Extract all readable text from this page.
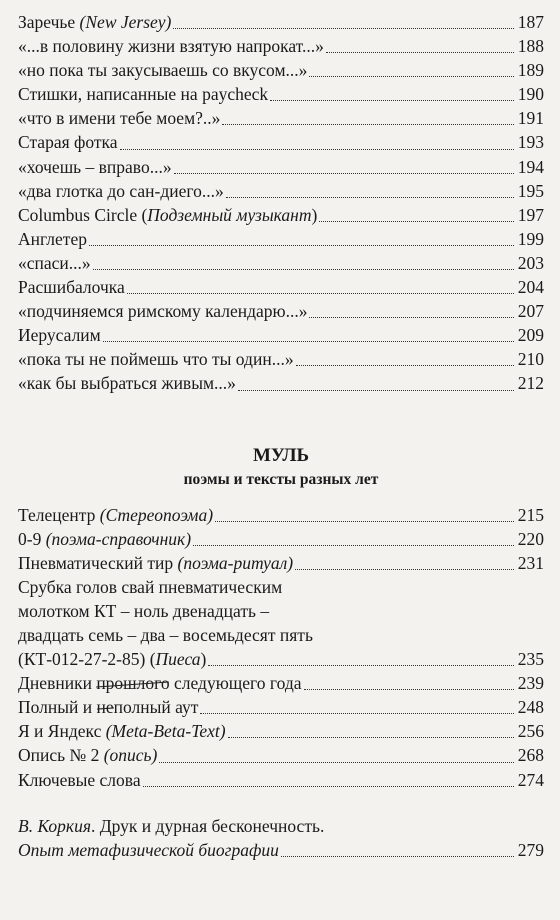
Заречье (New Jersey)	187
«...в половину жизни взятую напрокат...»	188
«но пока ты закусываешь со вкусом...»	189
Стишки, написанные на paycheck	190
«что в имени тебе моем?..»	191
Старая фотка	193
«хочешь – вправо...»	194
«два глотка до сан-диего...»	195
Columbus Circle (Подземный музыкант)	197
Англетер	199
«спаси...»	203
Расшибалочка	204
«подчиняемся римскому календарю...»	207
Иерусалим	209
«пока ты не поймешь что ты один...»	210
«как бы выбраться живым...»	212
МУЛЬ
поэмы и тексты разных лет
Телецентр (Стереопоэма)	215
0-9 (поэма-справочник)	220
Пневматический тир (поэма-ритуал)	231
Срубка голов свай пневматическим
молотком КТ – ноль двенадцать –
двадцать семь – два – восемьдесят пять
(КТ-012-27-2-85) (Пиеса)	235
Дневники прошлого следующего года	239
Полный и неполный аут	248
Я и Яндекс (Meta-Beta-Text)	256
Опись № 2 (опись)	268
Ключевые слова	274
В. Коркия. Друк и дурная бесконечность.
Опыт метафизической биографии	279
